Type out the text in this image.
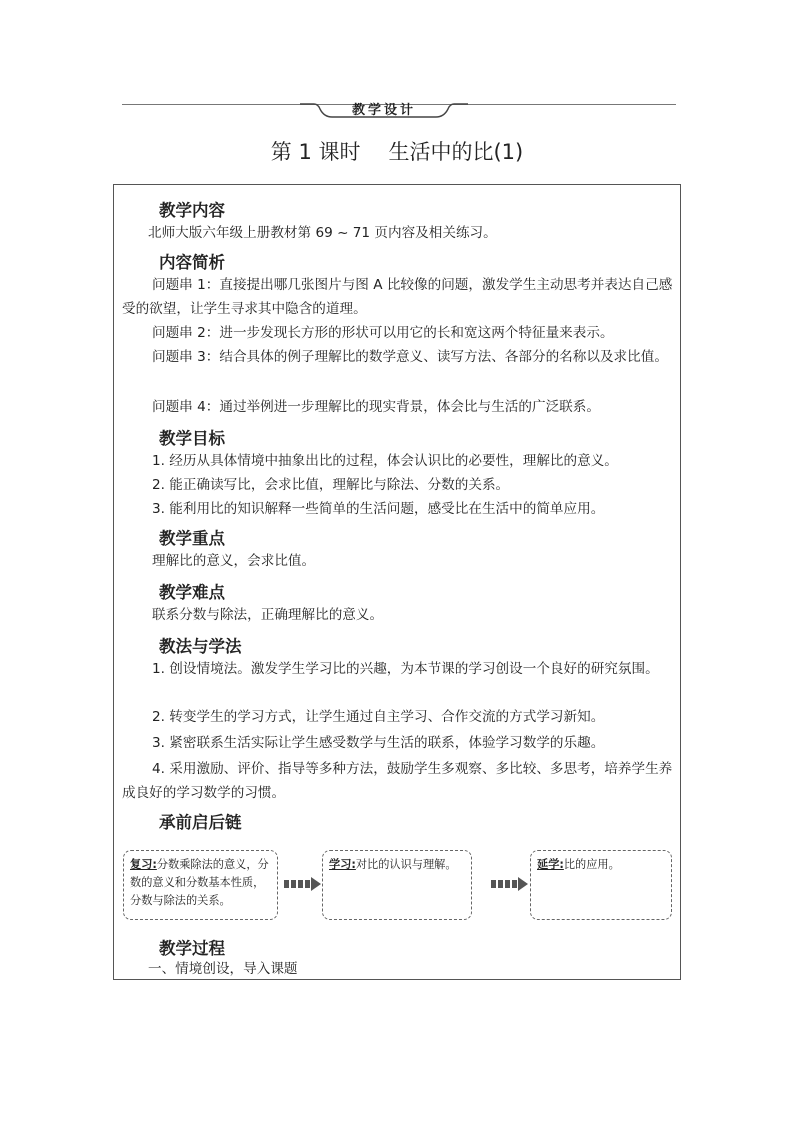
教学设计
第 1 课时 生活中的比(1)
教学内容
北师大版六年级上册教材第 69 ~ 71 页内容及相关练习。
内容简析
问题串 1：直接提出哪几张图片与图 A 比较像的问题，激发学生主动思考并表达自己感受的欲望，让学生寻求其中隐含的道理。
问题串 2：进一步发现长方形的形状可以用它的长和宽这两个特征量来表示。
问题串 3：结合具体的例子理解比的数学意义、读写方法、各部分的名称以及求比值。
问题串 4：通过举例进一步理解比的现实背景，体会比与生活的广泛联系。
教学目标
1. 经历从具体情境中抽象出比的过程，体会认识比的必要性，理解比的意义。
2. 能正确读写比，会求比值，理解比与除法、分数的关系。
3. 能利用比的知识解释一些简单的生活问题，感受比在生活中的简单应用。
教学重点
理解比的意义，会求比值。
教学难点
联系分数与除法，正确理解比的意义。
教法与学法
1. 创设情境法。激发学生学习比的兴趣，为本节课的学习创设一个良好的研究氛围。
2. 转变学生的学习方式，让学生通过自主学习、合作交流的方式学习新知。
3. 紧密联系生活实际让学生感受数学与生活的联系，体验学习数学的乐趣。
4. 采用激励、评价、指导等多种方法，鼓励学生多观察、多比较、多思考，培养学生养成良好的学习数学的习惯。
承前启后链
复习:分数乘除法的意义，分数的意义和分数基本性质，分数与除法的关系。
学习:对比的认识与理解。	延学:比的应用。
教学过程
一、情境创设，导入课题
